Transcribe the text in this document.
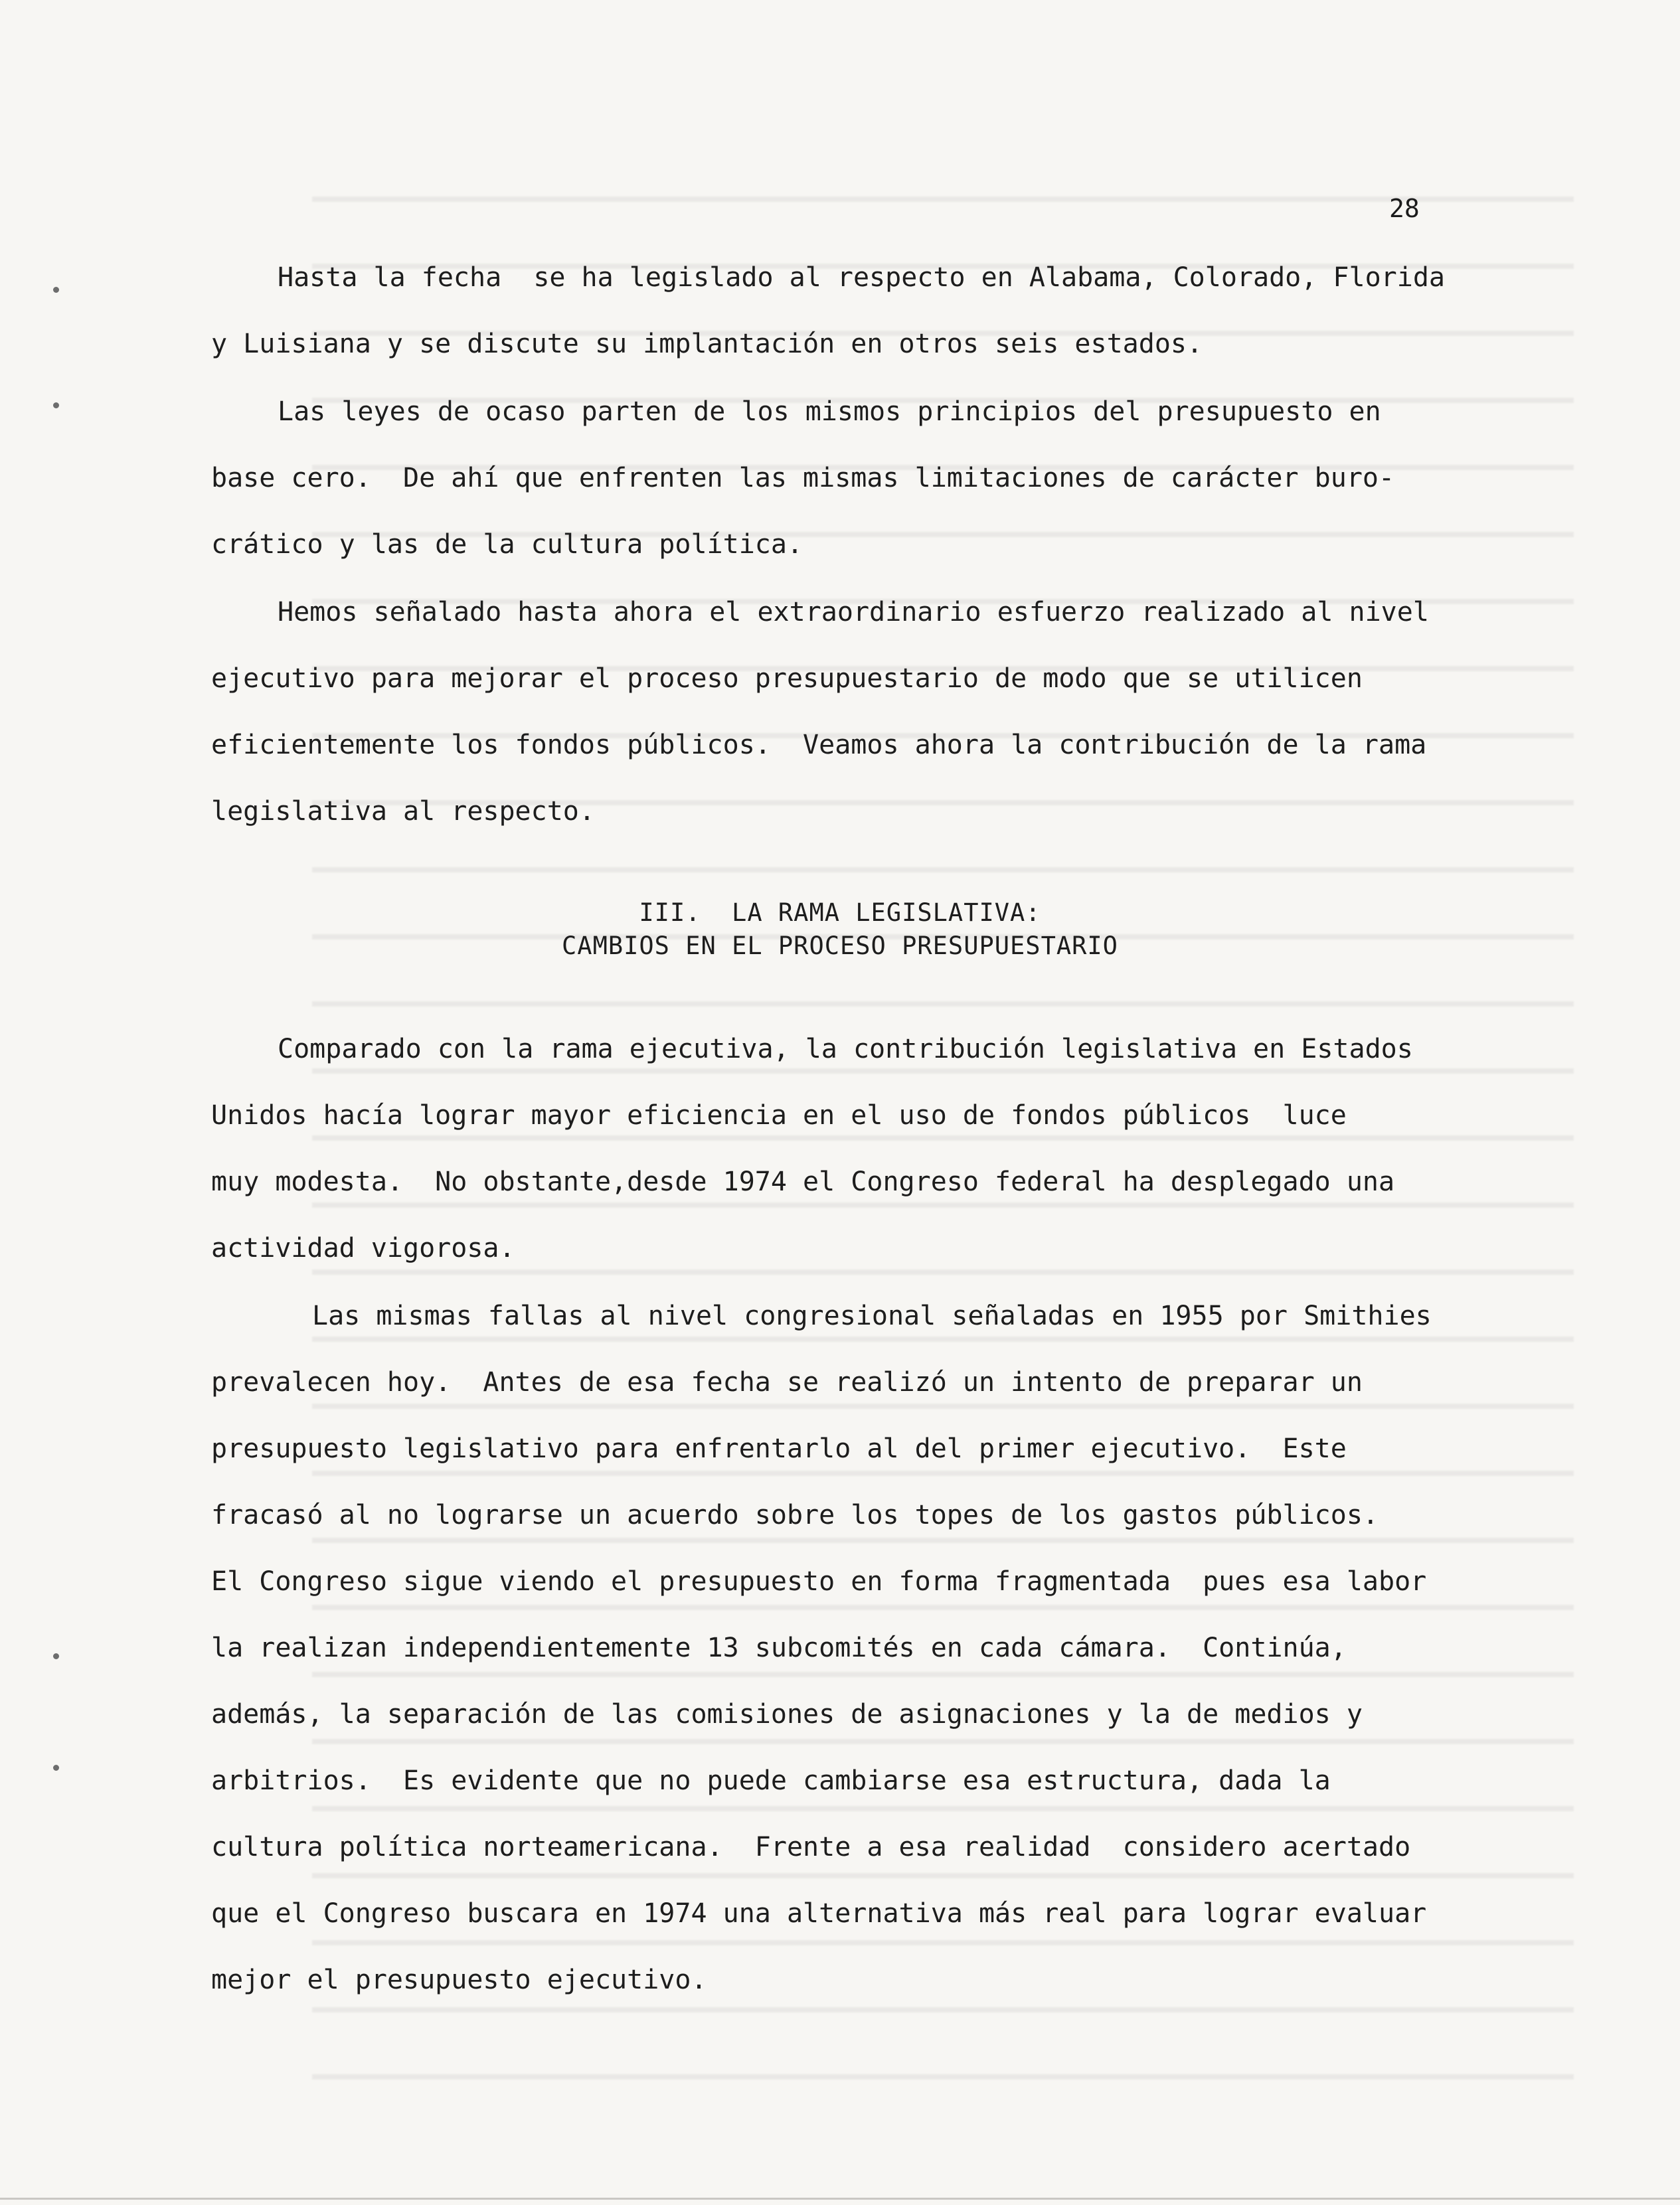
28
Hasta la fecha  se ha legislado al respecto en Alabama, Colorado, Florida
y Luisiana y se discute su implantación en otros seis estados.
Las leyes de ocaso parten de los mismos principios del presupuesto en
base cero.  De ahí que enfrenten las mismas limitaciones de carácter buro-
crático y las de la cultura política.
Hemos señalado hasta ahora el extraordinario esfuerzo realizado al nivel
ejecutivo para mejorar el proceso presupuestario de modo que se utilicen
eficientemente los fondos públicos.  Veamos ahora la contribución de la rama
legislativa al respecto.
III.  LA RAMA LEGISLATIVA:
CAMBIOS EN EL PROCESO PRESUPUESTARIO
Comparado con la rama ejecutiva, la contribución legislativa en Estados
Unidos hacía lograr mayor eficiencia en el uso de fondos públicos  luce
muy modesta.  No obstante,desde 1974 el Congreso federal ha desplegado una
actividad vigorosa.
Las mismas fallas al nivel congresional señaladas en 1955 por Smithies
prevalecen hoy.  Antes de esa fecha se realizó un intento de preparar un
presupuesto legislativo para enfrentarlo al del primer ejecutivo.  Este
fracasó al no lograrse un acuerdo sobre los topes de los gastos públicos.
El Congreso sigue viendo el presupuesto en forma fragmentada  pues esa labor
la realizan independientemente 13 subcomités en cada cámara.  Continúa,
además, la separación de las comisiones de asignaciones y la de medios y
arbitrios.  Es evidente que no puede cambiarse esa estructura, dada la
cultura política norteamericana.  Frente a esa realidad  considero acertado
que el Congreso buscara en 1974 una alternativa más real para lograr evaluar
mejor el presupuesto ejecutivo.
